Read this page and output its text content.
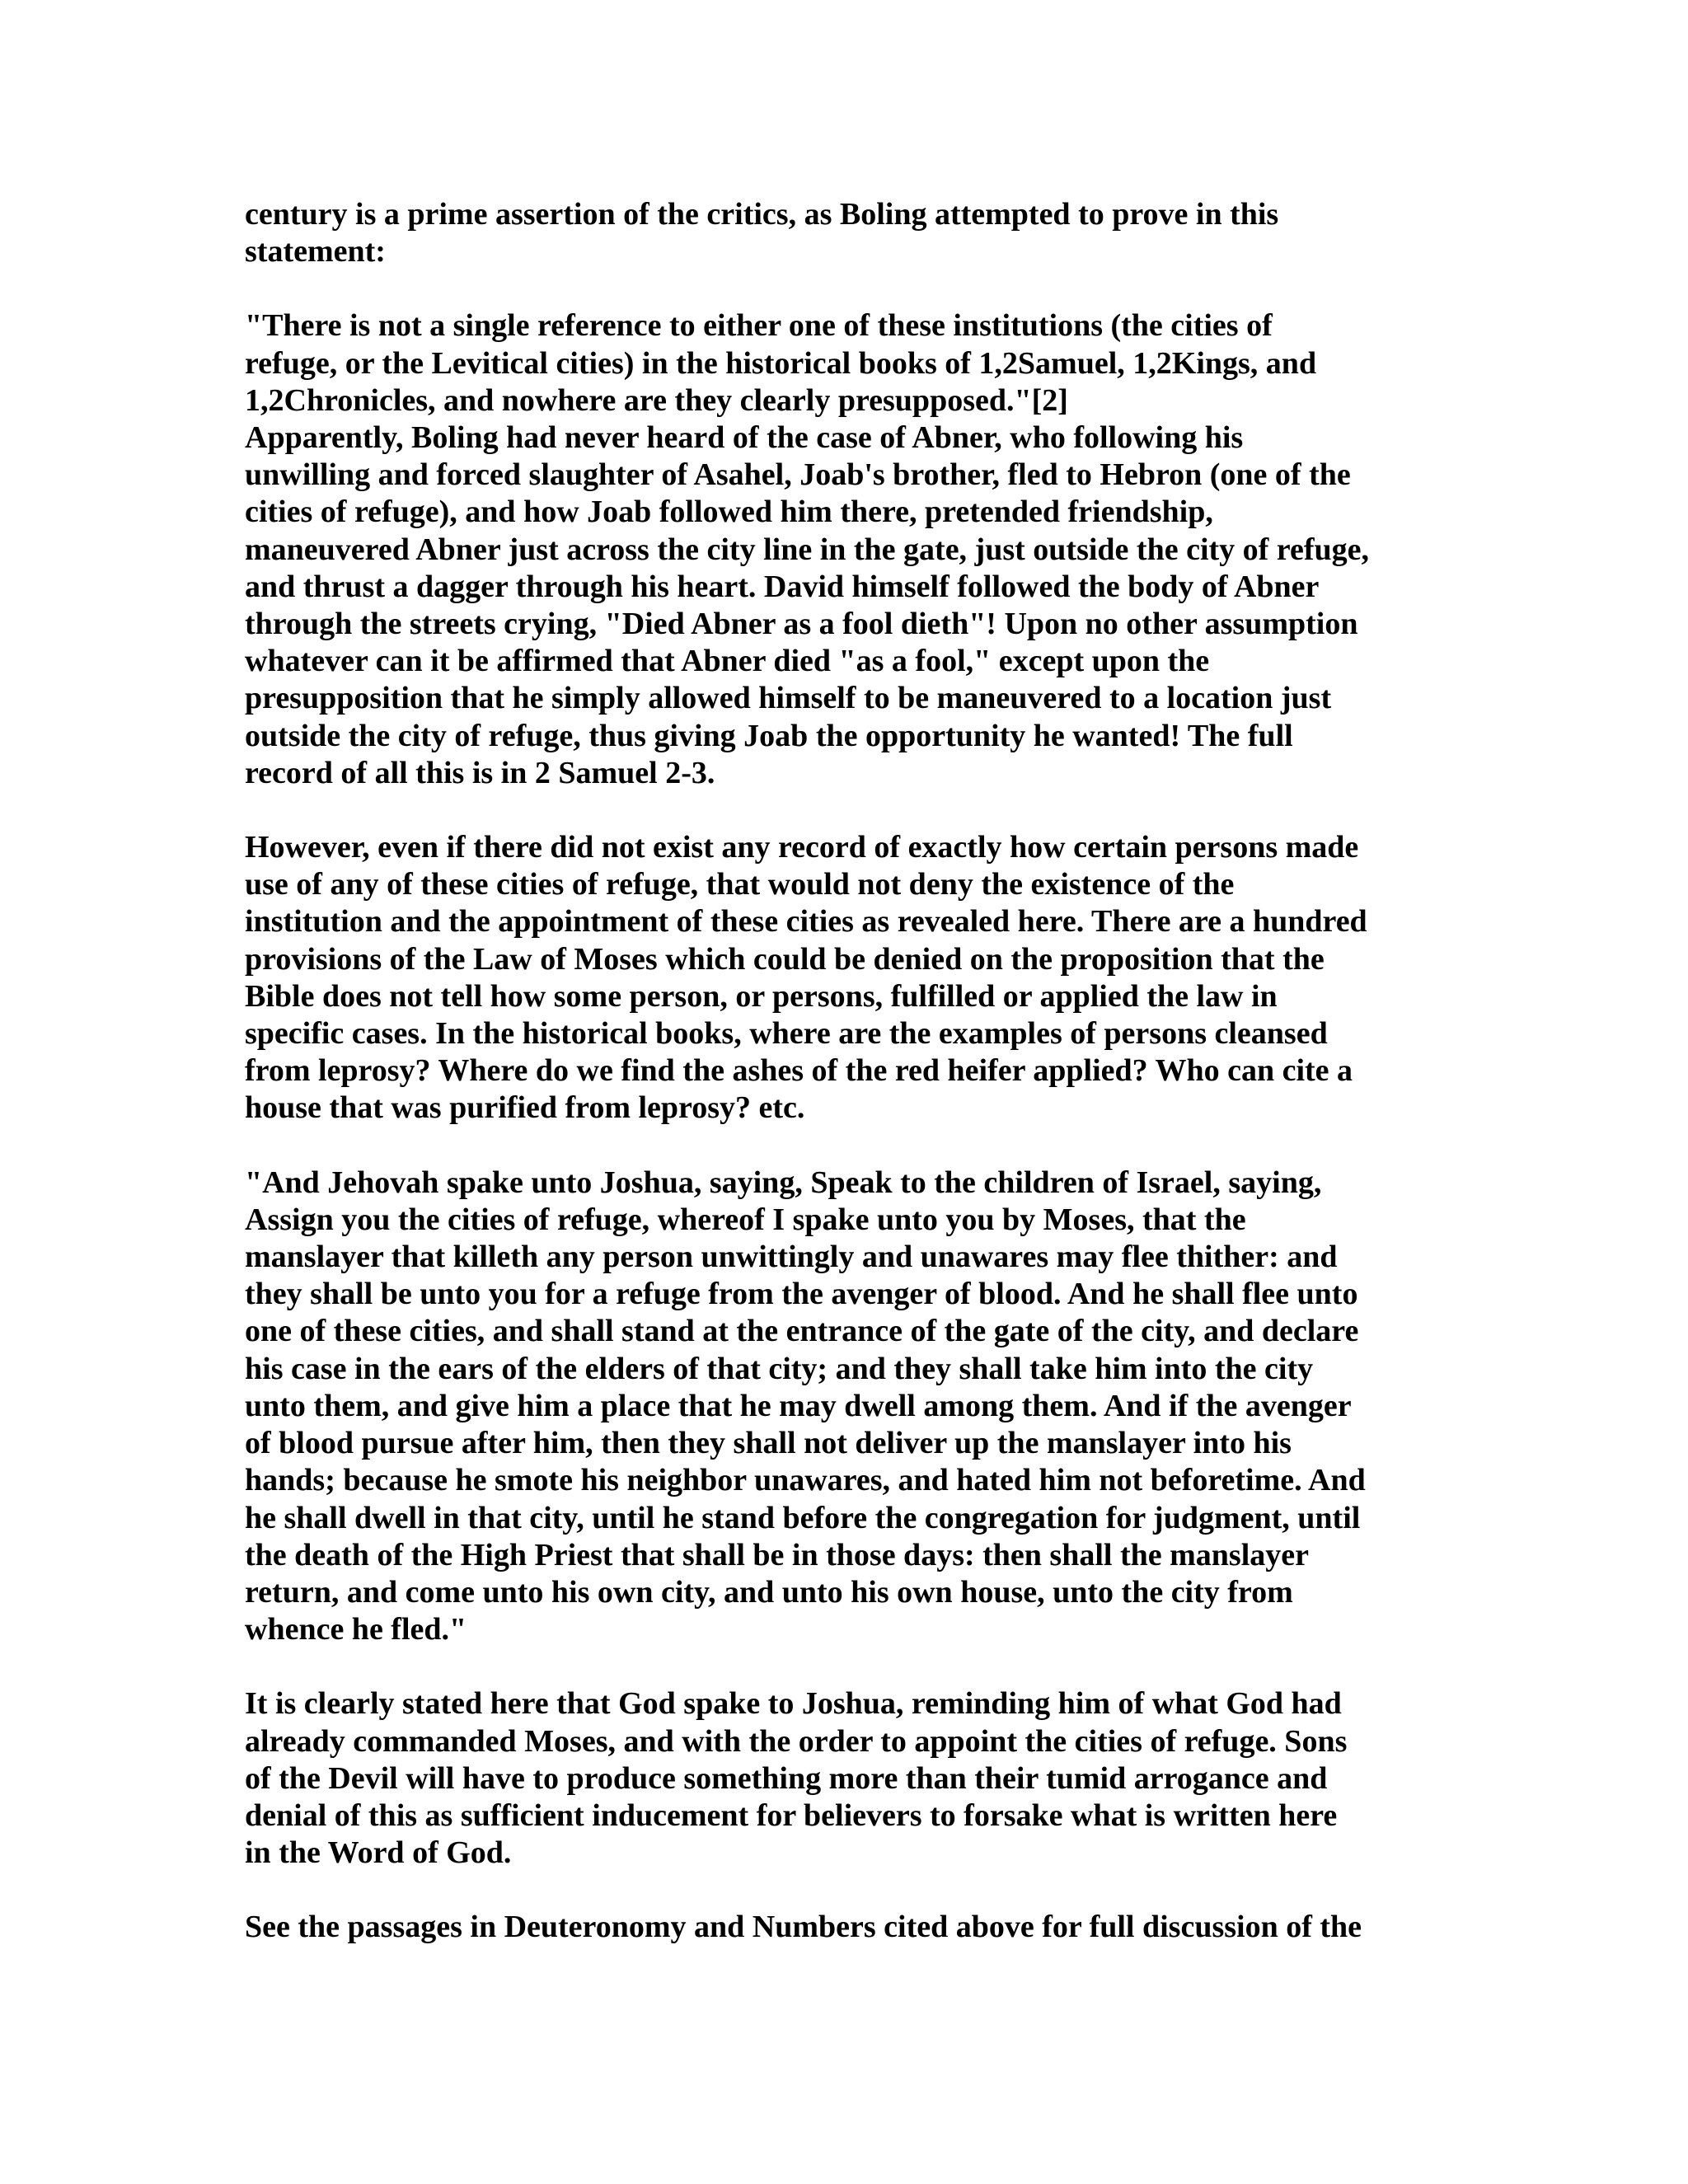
century is a prime assertion of the critics, as Boling attempted to prove in this
statement:

"There is not a single reference to either one of these institutions (the cities of
refuge, or the Levitical cities) in the historical books of 1,2Samuel, 1,2Kings, and
1,2Chronicles, and nowhere are they clearly presupposed."[2]

Apparently, Boling had never heard of the case of Abner, who following his
unwilling and forced slaughter of Asahel, Joab's brother, fled to Hebron (one of the
cities of refuge), and how Joab followed him there, pretended friendship,
maneuvered Abner just across the city line in the gate, just outside the city of refuge,
and thrust a dagger through his heart. David himself followed the body of Abner
through the streets crying, "Died Abner as a fool dieth"! Upon no other assumption
whatever can it be affirmed that Abner died "as a fool," except upon the
presupposition that he simply allowed himself to be maneuvered to a location just
outside the city of refuge, thus giving Joab the opportunity he wanted! The full
record of all this is in 2 Samuel 2-3.

However, even if there did not exist any record of exactly how certain persons made
use of any of these cities of refuge, that would not deny the existence of the
institution and the appointment of these cities as revealed here. There are a hundred
provisions of the Law of Moses which could be denied on the proposition that the
Bible does not tell how some person, or persons, fulfilled or applied the law in
specific cases. In the historical books, where are the examples of persons cleansed
from leprosy? Where do we find the ashes of the red heifer applied? Who can cite a
house that was purified from leprosy? etc.

"And Jehovah spake unto Joshua, saying, Speak to the children of Israel, saying,
Assign you the cities of refuge, whereof I spake unto you by Moses, that the
manslayer that killeth any person unwittingly and unawares may flee thither: and
they shall be unto you for a refuge from the avenger of blood. And he shall flee unto
one of these cities, and shall stand at the entrance of the gate of the city, and declare
his case in the ears of the elders of that city; and they shall take him into the city
unto them, and give him a place that he may dwell among them. And if the avenger
of blood pursue after him, then they shall not deliver up the manslayer into his
hands; because he smote his neighbor unawares, and hated him not beforetime. And
he shall dwell in that city, until he stand before the congregation for judgment, until
the death of the High Priest that shall be in those days: then shall the manslayer
return, and come unto his own city, and unto his own house, unto the city from
whence he fled."

It is clearly stated here that God spake to Joshua, reminding him of what God had
already commanded Moses, and with the order to appoint the cities of refuge. Sons
of the Devil will have to produce something more than their tumid arrogance and
denial of this as sufficient inducement for believers to forsake what is written here
in the Word of God.

See the passages in Deuteronomy and Numbers cited above for full discussion of the
